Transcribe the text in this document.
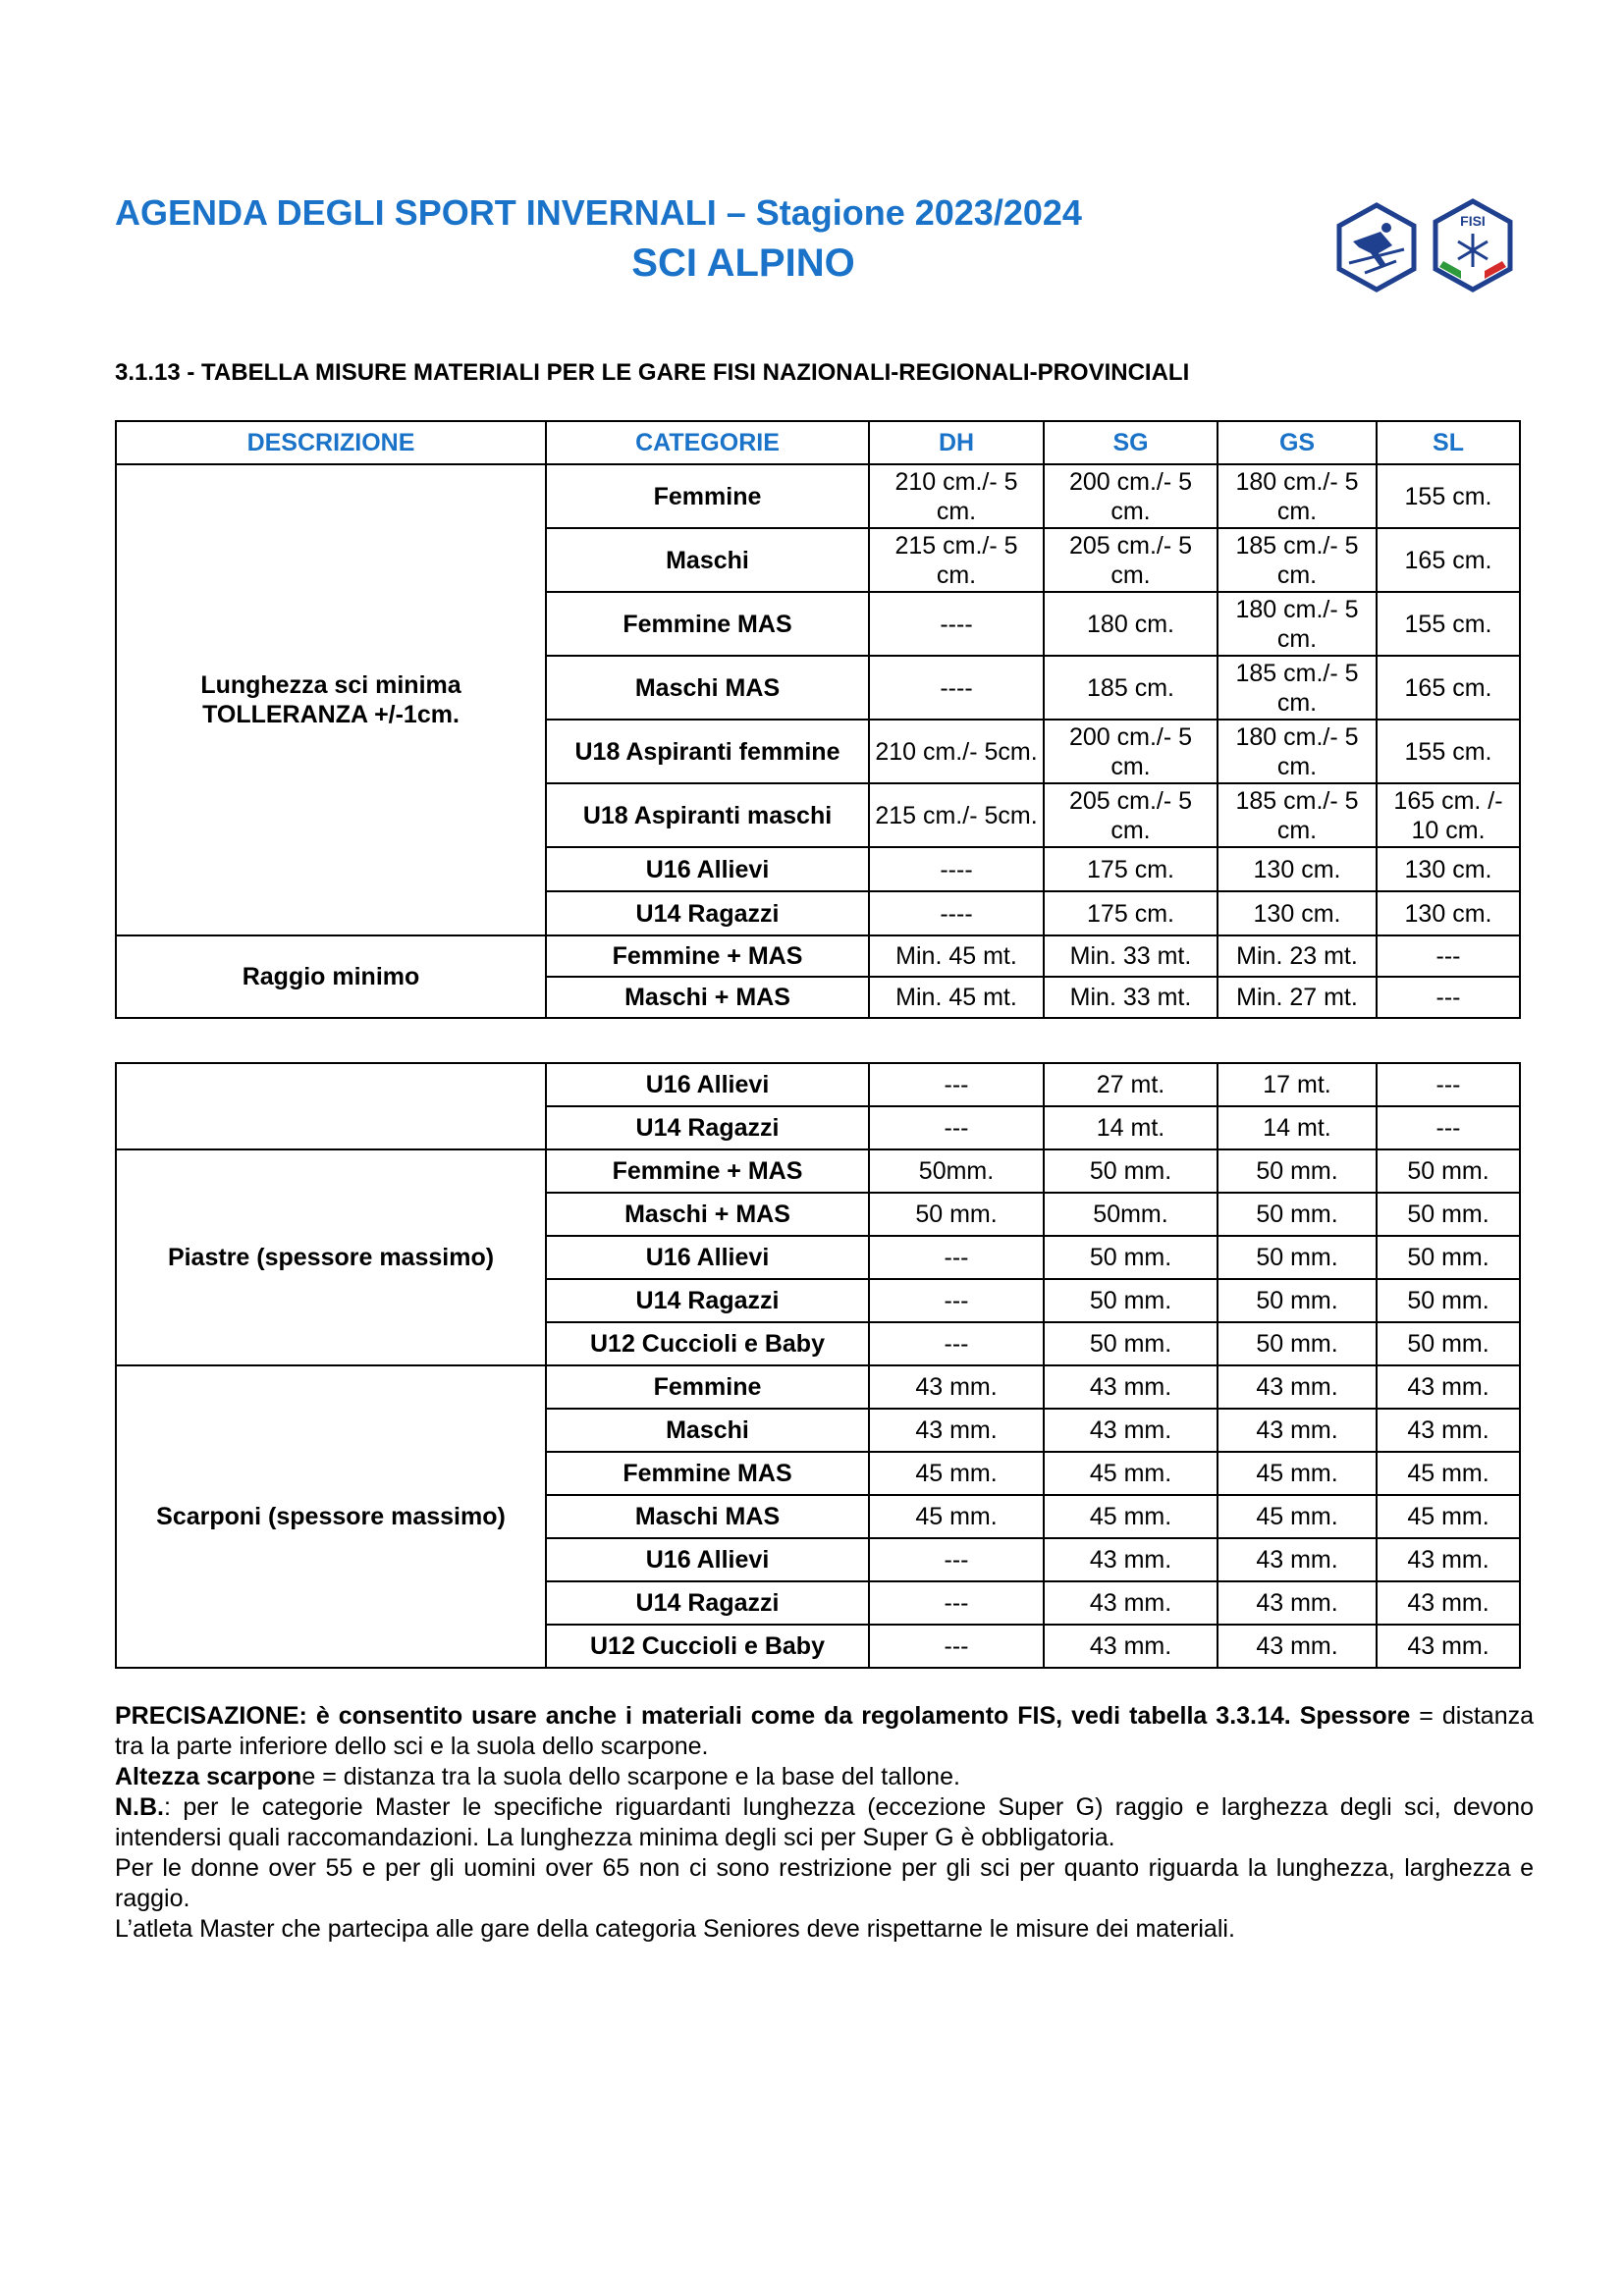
AGENDA DEGLI SPORT INVERNALI – Stagione 2023/2024
SCI ALPINO
FISI
3.1.13 - TABELLA MISURE MATERIALI PER LE GARE FISI NAZIONALI-REGIONALI-PROVINCIALI
DESCRIZIONE	CATEGORIE	DH	SG	GS	SL

Lunghezza sci minima
TOLLERANZA +/-1cm.	Femmine	210 cm./- 5 cm.	200 cm./- 5 cm.	180 cm./- 5 cm.	155 cm.
	Maschi	215 cm./- 5 cm.	205 cm./- 5 cm.	185 cm./- 5 cm.	165 cm.
	Femmine MAS	----	180 cm.	180 cm./- 5 cm.	155 cm.
	Maschi MAS	----	185 cm.	185 cm./- 5 cm.	165 cm.
	U18 Aspiranti femmine	210 cm./- 5cm.	200 cm./- 5 cm.	180 cm./- 5 cm.	155 cm.
	U18 Aspiranti maschi	215 cm./- 5cm.	205 cm./- 5 cm.	185 cm./- 5 cm.	165 cm. /- 10 cm.
	U16 Allievi	----	175 cm.	130 cm.	130 cm.
	U14 Ragazzi	----	175 cm.	130 cm.	130 cm.
Raggio minimo	Femmine + MAS	Min. 45 mt.	Min. 33 mt.	Min. 23 mt.	---
	Maschi + MAS	Min. 45 mt.	Min. 33 mt.	Min. 27 mt.	---
	U16 Allievi	---	27 mt.	17 mt.	---
	U14 Ragazzi	---	14 mt.	14 mt.	---
Piastre (spessore massimo)	Femmine + MAS	50mm.	50 mm.	50 mm.	50 mm.
	Maschi + MAS	50 mm.	50mm.	50 mm.	50 mm.
	U16 Allievi	---	50 mm.	50 mm.	50 mm.
	U14 Ragazzi	---	50 mm.	50 mm.	50 mm.
	U12 Cuccioli e Baby	---	50 mm.	50 mm.	50 mm.
Scarponi (spessore massimo)	Femmine	43 mm.	43 mm.	43 mm.	43 mm.
	Maschi	43 mm.	43 mm.	43 mm.	43 mm.
	Femmine MAS	45 mm.	45 mm.	45 mm.	45 mm.
	Maschi MAS	45 mm.	45 mm.	45 mm.	45 mm.
	U16 Allievi	---	43 mm.	43 mm.	43 mm.
	U14 Ragazzi	---	43 mm.	43 mm.	43 mm.
	U12 Cuccioli e Baby	---	43 mm.	43 mm.	43 mm.

PRECISAZIONE: è consentito usare anche i materiali come da regolamento FIS, vedi tabella 3.3.14. Spessore = distanza tra la parte inferiore dello sci e la suola dello scarpone.

Altezza scarpone = distanza tra la suola dello scarpone e la base del tallone.

N.B.: per le categorie Master le specifiche riguardanti lunghezza (eccezione Super G) raggio e larghezza degli sci, devono intendersi quali raccomandazioni. La lunghezza minima degli sci per Super G è obbligatoria.

Per le donne over 55 e per gli uomini over 65 non ci sono restrizione per gli sci per quanto riguarda la lunghezza, larghezza e raggio.

L’atleta Master che partecipa alle gare della categoria Seniores deve rispettarne le misure dei materiali.
